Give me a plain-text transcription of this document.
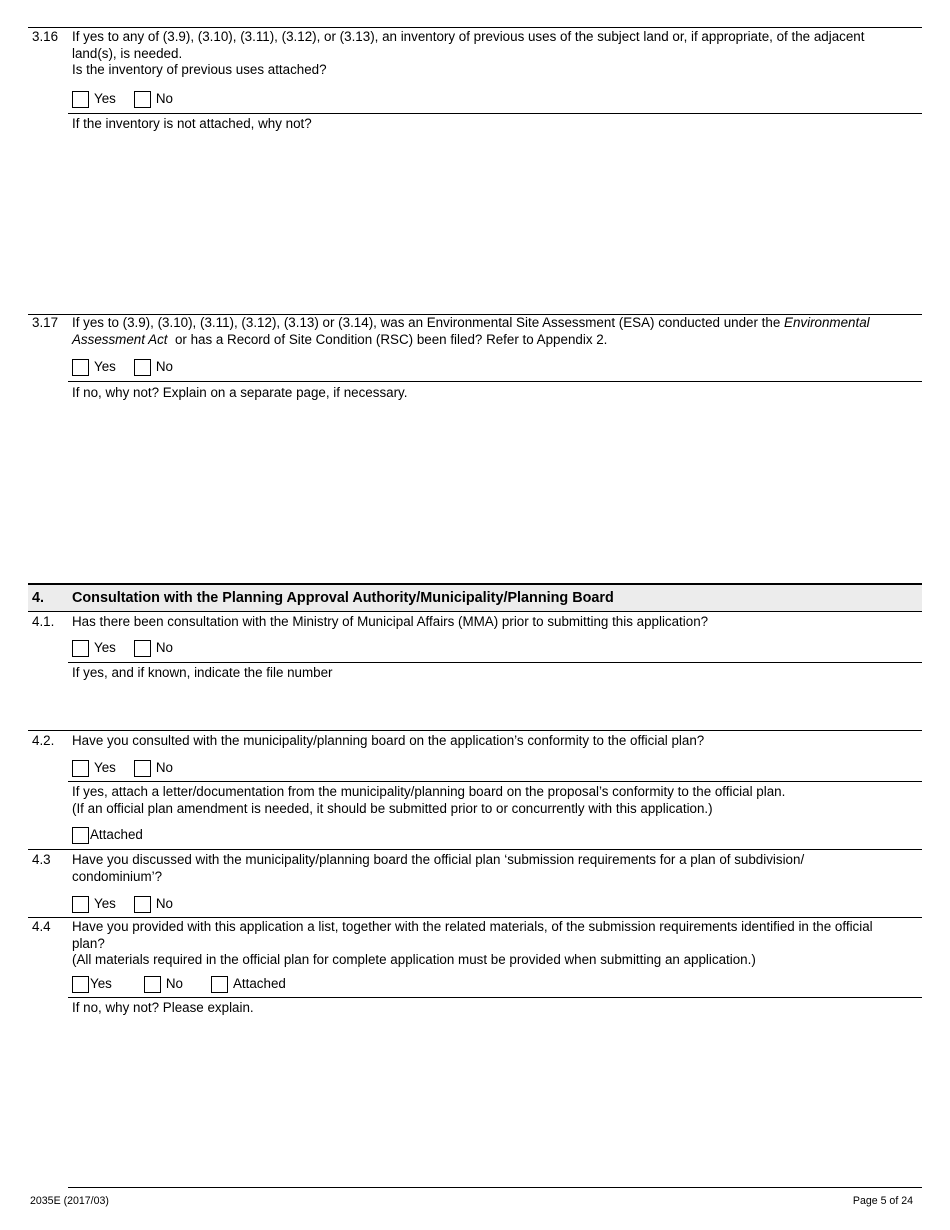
3.16 If yes to any of (3.9), (3.10), (3.11), (3.12), or (3.13), an inventory of previous uses of the subject land or, if appropriate, of the adjacent
land(s), is needed.
Is the inventory of previous uses attached?
Yes	No
If the inventory is not attached, why not?
3.17 If yes to (3.9), (3.10), (3.11), (3.12), (3.13) or (3.14), was an Environmental Site Assessment (ESA) conducted under the Environmental
Assessment Act  or has a Record of Site Condition (RSC) been filed? Refer to Appendix 2.
Yes	No
If no, why not? Explain on a separate page, if necessary.
4. Consultation with the Planning Approval Authority/Municipality/Planning Board
4.1. Has there been consultation with the Ministry of Municipal Affairs (MMA) prior to submitting this application?
Yes	No
If yes, and if known, indicate the file number
4.2. Have you consulted with the municipality/planning board on the application’s conformity to the official plan?
Yes	No
If yes, attach a letter/documentation from the municipality/planning board on the proposal’s conformity to the official plan.
(If an official plan amendment is needed, it should be submitted prior to or concurrently with this application.)
Attached
4.3 Have you discussed with the municipality/planning board the official plan ‘submission requirements for a plan of subdivision/
condominium’?
Yes	No
4.4 Have you provided with this application a list, together with the related materials, of the submission requirements identified in the official
plan?
(All materials required in the official plan for complete application must be provided when submitting an application.)
Yes	No	Attached
If no, why not? Please explain.
2035E (2017/03)	Page 5 of 24
